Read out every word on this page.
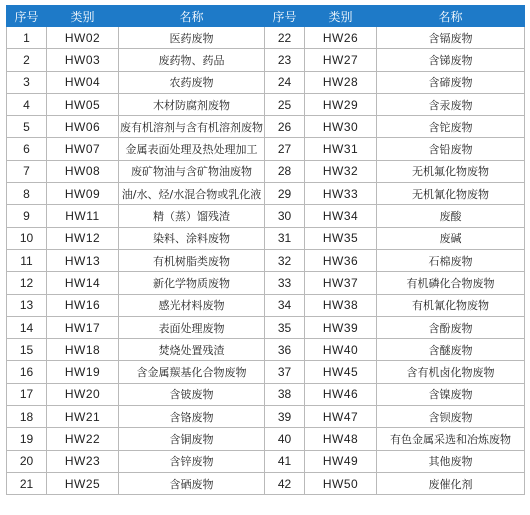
序号	类别	名称	序号	类别	名称
1	HW02	医药废物	22	HW26	含镉废物
2	HW03	废药物、药品	23	HW27	含锑废物
3	HW04	农药废物	24	HW28	含碲废物
4	HW05	木材防腐剂废物	25	HW29	含汞废物
5	HW06	废有机溶剂与含有机溶剂废物	26	HW30	含铊废物
6	HW07	金属表面处理及热处理加工	27	HW31	含铅废物
7	HW08	废矿物油与含矿物油废物	28	HW32	无机氟化物废物
8	HW09	油/水、烃/水混合物或乳化液	29	HW33	无机氰化物废物
9	HW11	精（蒸）馏残渣	30	HW34	废酸
10	HW12	染料、涂料废物	31	HW35	废碱
11	HW13	有机树脂类废物	32	HW36	石棉废物
12	HW14	新化学物质废物	33	HW37	有机磷化合物废物
13	HW16	感光材料废物	34	HW38	有机氰化物废物
14	HW17	表面处理废物	35	HW39	含酚废物
15	HW18	焚烧处置残渣	36	HW40	含醚废物
16	HW19	含金属羰基化合物废物	37	HW45	含有机卤化物废物
17	HW20	含铍废物	38	HW46	含镍废物
18	HW21	含铬废物	39	HW47	含钡废物
19	HW22	含铜废物	40	HW48	有色金属采选和冶炼废物
20	HW23	含锌废物	41	HW49	其他废物
21	HW25	含硒废物	42	HW50	废催化剂
